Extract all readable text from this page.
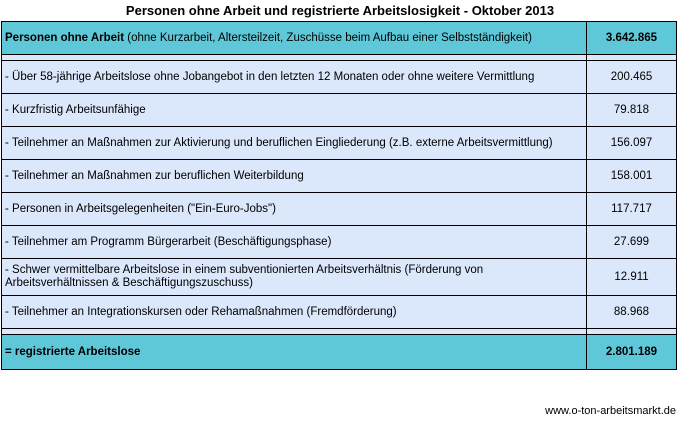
Personen ohne Arbeit und registrierte Arbeitslosigkeit - Oktober 2013
Personen ohne Arbeit (ohne Kurzarbeit, Altersteilzeit, Zuschüsse beim Aufbau einer Selbstständigkeit)	3.642.865

- Über 58-jährige Arbeitslose ohne Jobangebot in den letzten 12 Monaten oder ohne weitere Vermittlung	200.465
- Kurzfristig Arbeitsunfähige	79.818
- Teilnehmer an Maßnahmen zur Aktivierung und beruflichen Eingliederung (z.B. externe Arbeitsvermittlung)	156.097
- Teilnehmer an Maßnahmen zur beruflichen Weiterbildung	158.001
- Personen in Arbeitsgelegenheiten ("Ein-Euro-Jobs")	117.717
- Teilnehmer am Programm Bürgerarbeit (Beschäftigungsphase)	27.699
- Schwer vermittelbare Arbeitslose in einem subventionierten Arbeitsverhältnis (Förderung von Arbeitsverhältnissen & Beschäftigungszuschuss)	12.911
- Teilnehmer an Integrationskursen oder Rehamaßnahmen (Fremdförderung)	88.968

= registrierte Arbeitslose	2.801.189
www.o-ton-arbeitsmarkt.de
